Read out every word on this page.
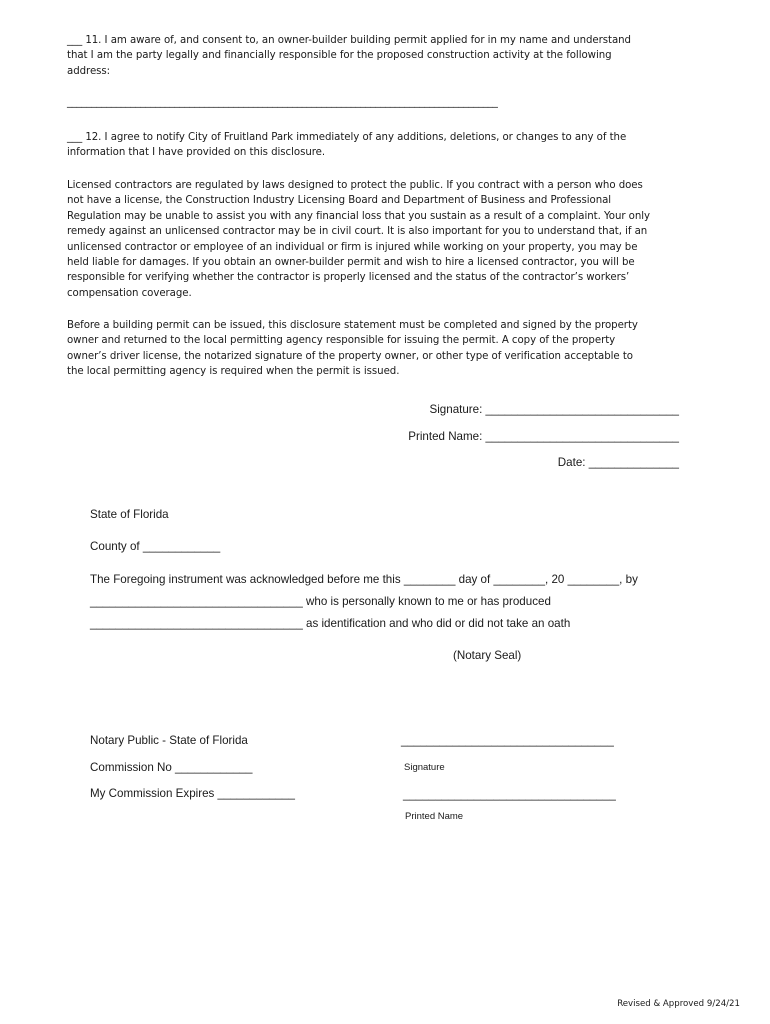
___ 11. I am aware of, and consent to, an owner-builder building permit applied for in my name and understand that I am the party legally and financially responsible for the proposed construction activity at the following address:

________________________________________________________________________________________

___ 12. I agree to notify City of Fruitland Park immediately of any additions, deletions, or changes to any of the information that I have provided on this disclosure.

Licensed contractors are regulated by laws designed to protect the public. If you contract with a person who does not have a license, the Construction Industry Licensing Board and Department of Business and Professional Regulation may be unable to assist you with any financial loss that you sustain as a result of a complaint. Your only remedy against an unlicensed contractor may be in civil court. It is also important for you to understand that, if an unlicensed contractor or employee of an individual or firm is injured while working on your property, you may be held liable for damages. If you obtain an owner-builder permit and wish to hire a licensed contractor, you will be responsible for verifying whether the contractor is properly licensed and the status of the contractor’s workers’ compensation coverage.

Before a building permit can be issued, this disclosure statement must be completed and signed by the property owner and returned to the local permitting agency responsible for issuing the permit. A copy of the property owner’s driver license, the notarized signature of the property owner, or other type of verification acceptable to the local permitting agency is required when the permit is issued.

Signature: ______________________________
Printed Name: ______________________________
Date: ______________
State of Florida
County of ____________
The Foregoing instrument was acknowledged before me this ________ day of ________, 20 ________, by
_________________________________ who is personally known to me or has produced
_________________________________ as identification and who did or did not take an oath
(Notary Seal)
Notary Public - State of Florida	_________________________________
Commission No ____________	Signature
My Commission Expires ____________	_________________________________
Printed Name
Revised & Approved 9/24/21
